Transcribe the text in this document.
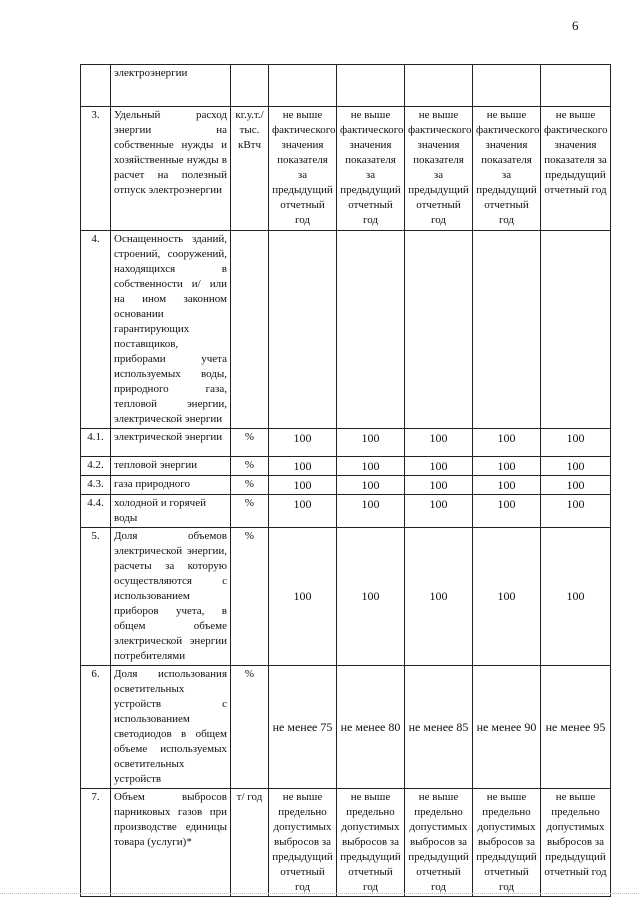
6
	электроэнергии						
3.	Удельный расход энергии на собственные нужды и хозяйственные нужды в расчет на полезный отпуск электроэнергии	кг.у.т./ тыс. кВтч	не выше фактического значения показателя за предыдущий отчетный год	не выше фактического значения показателя за предыдущий отчетный год	не выше фактического значения показателя за предыдущий отчетный год	не выше фактического значения показателя за предыдущий отчетный год	не выше фактического значения показателя за предыдущий отчетный год
4.	Оснащенность зданий, строений, сооружений, находящихся в собственности и/ или на ином законном основании гарантирующих поставщиков, приборами учета используемых воды, природного газа, тепловой энергии, электрической энергии						
4.1.	электрической энергии	%	100	100	100	100	100
4.2.	тепловой энергии	%	100	100	100	100	100
4.3.	газа природного	%	100	100	100	100	100
4.4.	холодной и горячей воды	%	100	100	100	100	100
5.	Доля объемов электрической энергии, расчеты за которую осуществляются с использованием приборов учета, в общем объеме электрической энергии потребителями	%	100	100	100	100	100
6.	Доля использования осветительных устройств с использованием светодиодов в общем объеме используемых осветительных устройств	%	не менее 75	не менее 80	не менее 85	не менее 90	не менее 95
7.	Объем выбросов парниковых газов при производстве единицы товара (услуги)*	т/ год	не выше предельно допустимых выбросов за предыдущий отчетный год	не выше предельно допустимых выбросов за предыдущий отчетный год	не выше предельно допустимых выбросов за предыдущий отчетный год	не выше предельно допустимых выбросов за предыдущий отчетный год	не выше предельно допустимых выбросов за предыдущий отчетный год
